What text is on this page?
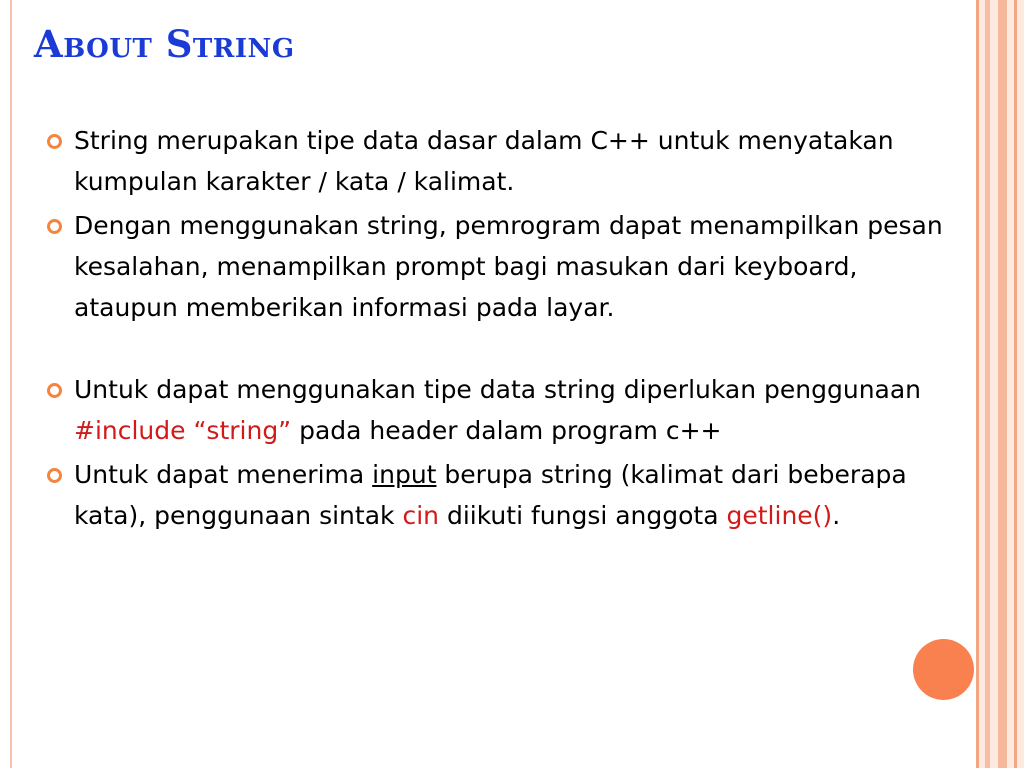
About String
String merupakan tipe data dasar dalam C++ untuk menyatakan kumpulan karakter / kata / kalimat.
Dengan menggunakan string, pemrogram dapat menampilkan pesan kesalahan, menampilkan prompt bagi masukan dari keyboard, ataupun memberikan informasi pada layar.
Untuk dapat menggunakan tipe data string diperlukan penggunaan #include “string” pada header dalam program c++
Untuk dapat menerima input berupa string (kalimat dari beberapa kata), penggunaan sintak cin diikuti fungsi anggota getline().
